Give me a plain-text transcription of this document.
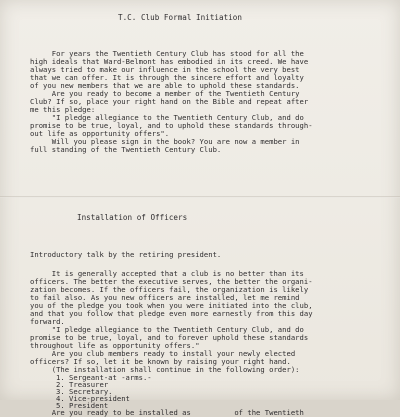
T.C. Club Formal Initiation
For years the Twentieth Century Club has stood for all the
high ideals that Ward-Belmont has embodied in its creed. We have
always tried to make our influence in the school the very best
that we can offer. It is through the sincere effort and loyalty
of you new members that we are able to uphold these standards.
Are you ready to become a member of the Twentieth Century
Club? If so, place your right hand on the Bible and repeat after
me this pledge:
"I pledge allegiance to the Twentieth Century Club, and do
promise to be true, loyal, and to uphold these standards through-
out life as opportunity offers".
Will you please sign in the book? You are now a member in
full standing of the Twentieth Century Club.
Installation of Officers
Introductory talk by the retiring president.
It is generally accepted that a club is no better than its
officers. The better the executive serves, the better the organi-
zation becomes. If the officers fail, the organization is likely
to fail also. As you new officers are installed, let me remind
you of the pledge you took when you were initiated into the club,
and that you follow that pledge even more earnestly from this day
forward.
"I pledge allegiance to the Twentieth Century Club, and do
promise to be true, loyal, and to forever uphold these standards
throughout life as opportunity offers."
Are you club members ready to install your newly elected
officers? If so, let it be known by raising your right hand.
(The installation shall continue in the following order):
1. Sergeant-at -arms.-
2. Treasurer
3. Secretary.
4. Vice-president
5. President
Are you ready to be installed as          of the Twentieth
